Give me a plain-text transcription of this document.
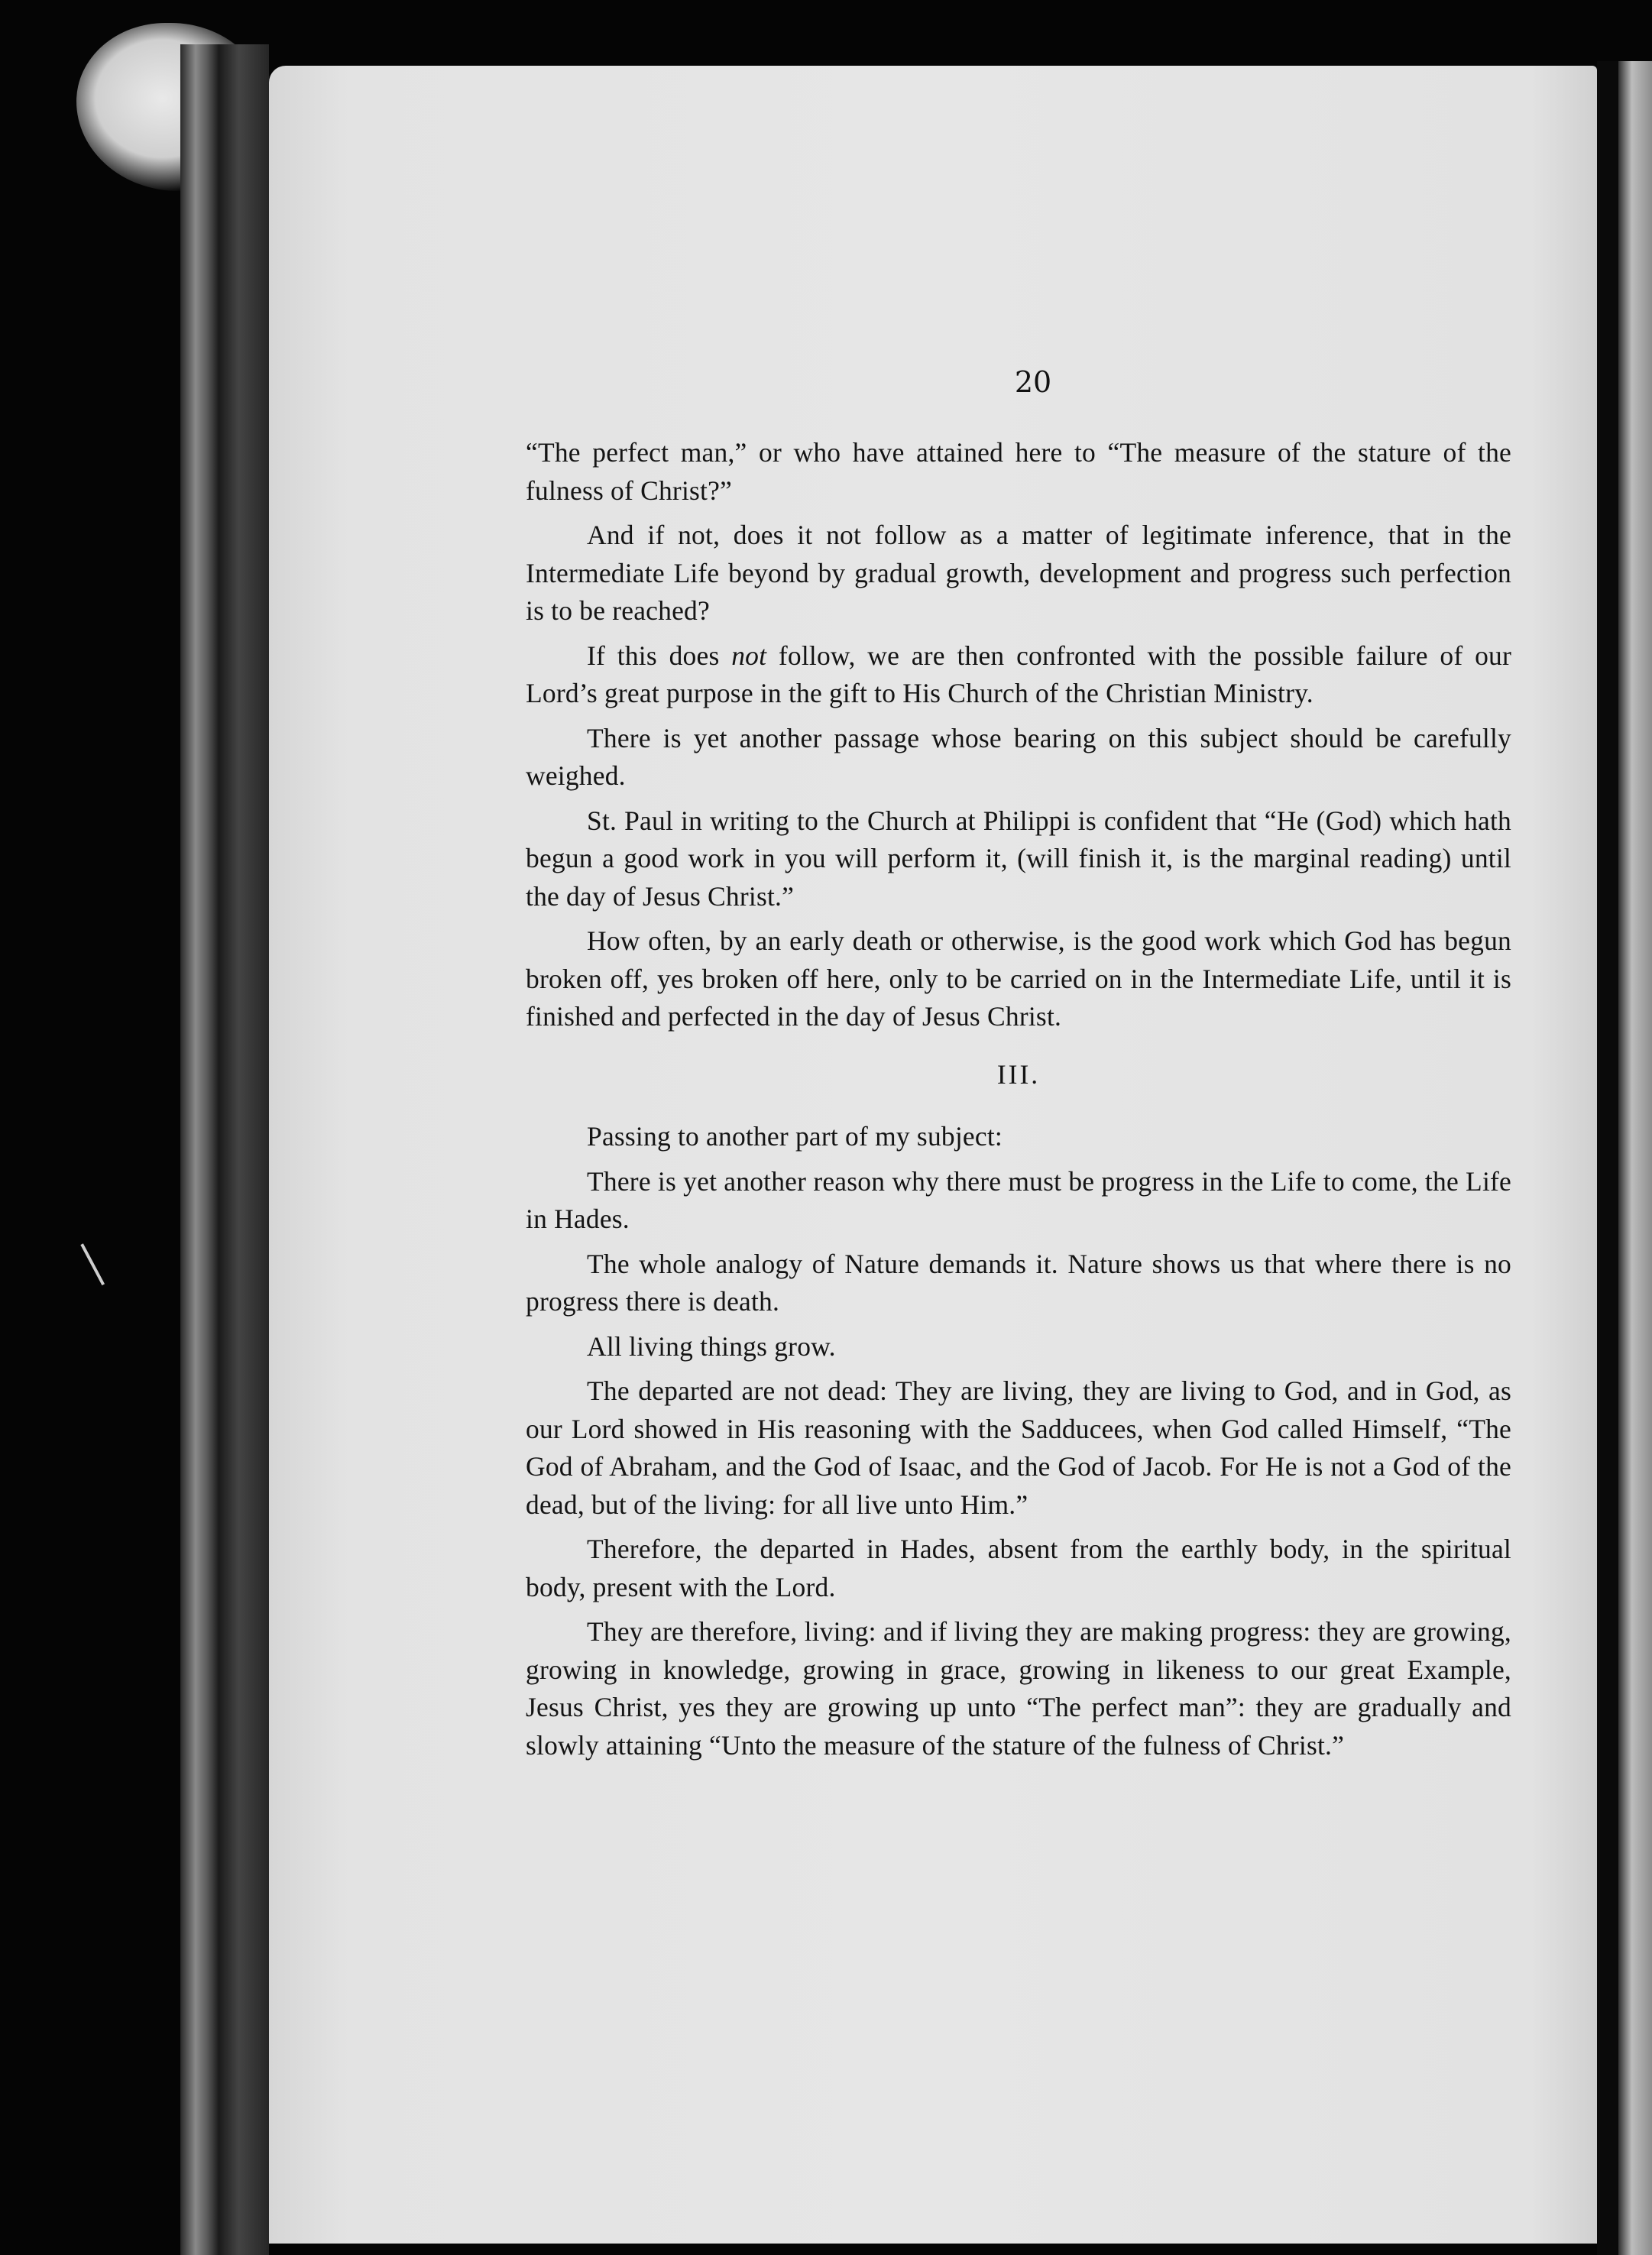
20

“The perfect man,” or who have attained here to “The measure of the stature of the fulness of Christ?”

And if not, does it not follow as a matter of legitimate inference, that in the Intermediate Life beyond by gradual growth, development and progress such perfection is to be reached?

If this does not follow, we are then confronted with the possible failure of our Lord’s great purpose in the gift to His Church of the Christian Ministry.

There is yet another passage whose bearing on this subject should be carefully weighed.

St. Paul in writing to the Church at Philippi is confident that “He (God) which hath begun a good work in you will perform it, (will finish it, is the marginal reading) until the day of Jesus Christ.”

How often, by an early death or otherwise, is the good work which God has begun broken off, yes broken off here, only to be carried on in the Intermediate Life, until it is finished and perfected in the day of Jesus Christ.

III.

Passing to another part of my subject:

There is yet another reason why there must be progress in the Life to come, the Life in Hades.

The whole analogy of Nature demands it. Nature shows us that where there is no progress there is death.

All living things grow.

The departed are not dead: They are living, they are living to God, and in God, as our Lord showed in His reasoning with the Sadducees, when God called Himself, “The God of Abraham, and the God of Isaac, and the God of Jacob. For He is not a God of the dead, but of the living: for all live unto Him.”

Therefore, the departed in Hades, absent from the earthly body, in the spiritual body, present with the Lord.

They are therefore, living: and if living they are making progress: they are growing, growing in knowledge, growing in grace, growing in likeness to our great Example, Jesus Christ, yes they are growing up unto “The perfect man”: they are gradually and slowly attaining “Unto the measure of the stature of the fulness of Christ.”
